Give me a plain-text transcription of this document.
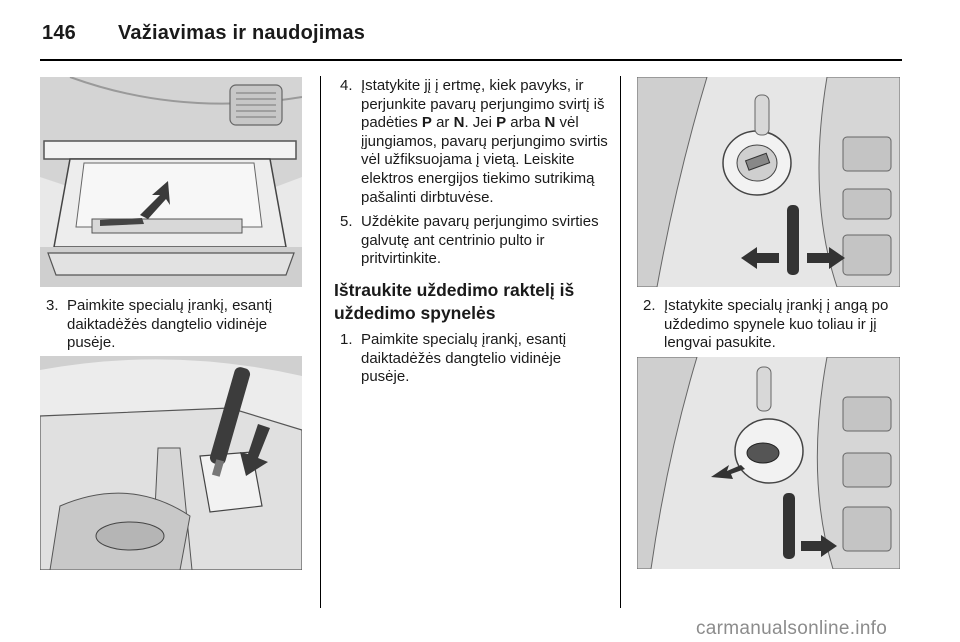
146 Važiavimas ir naudojimas

3. Paimkite specialų įrankį, esantį daiktadėžės dangtelio vidinėje pusėje.

4. Įstatykite jį į ertmę, kiek pavyks, ir perjunkite pavarų perjungimo svirtį iš padėties P ar N. Jei P arba N vėl įjungiamos, pavarų perjungimo svirtis vėl užfiksuojama į vietą. Leiskite elektros energijos tiekimo sutrikimą pašalinti dirbtuvėse.

5. Uždėkite pavarų perjungimo svirties galvutę ant centrinio pulto ir pritvirtinkite.

Ištraukite uždedimo raktelį iš uždedimo spynelės

1. Paimkite specialų įrankį, esantį daiktadėžės dangtelio vidinėje pusėje.

2. Įstatykite specialų įrankį į angą po uždedimo spynele kuo toliau ir jį lengvai pasukite.

carmanualsonline.info
